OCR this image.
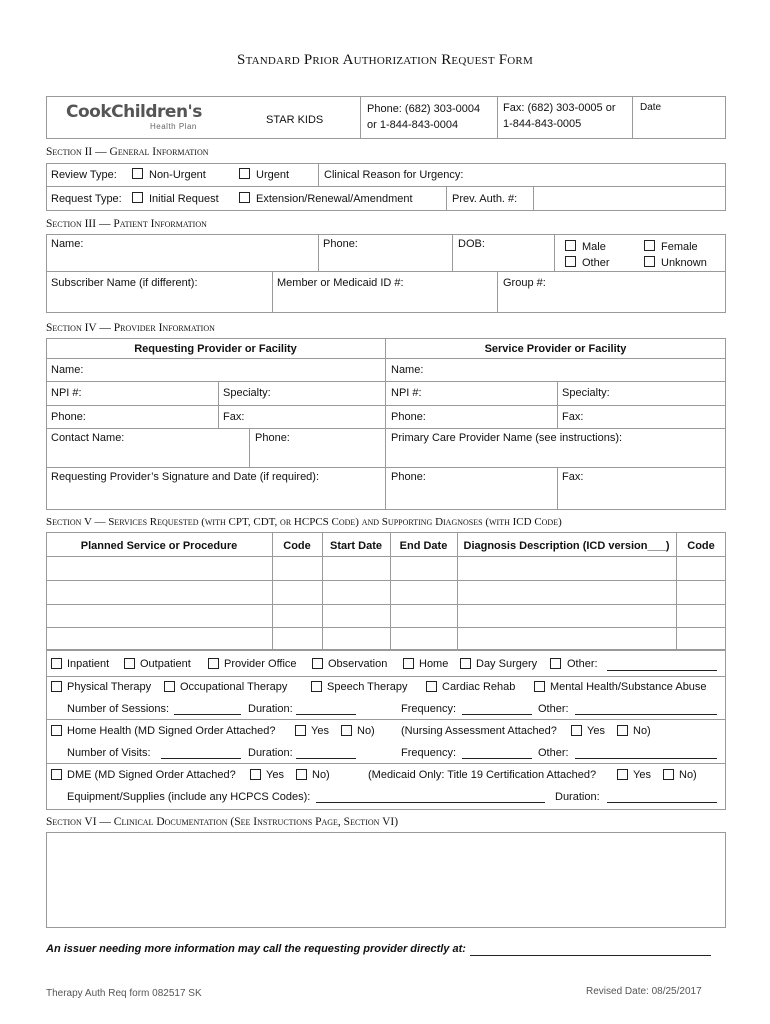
Standard Prior Authorization Request Form
CookChildren's
Health Plan
STAR KIDS
Phone: (682) 303-0004
or 1-844-843-0004
Fax: (682) 303-0005 or
1-844-843-0005
Date
Section II — General Information
Review Type:	Non-Urgent	Urgent	Clinical Reason for Urgency:
Request Type: Initial Request	Extension/Renewal/Amendment	Prev. Auth. #:
Section III — Patient Information
Name:	Phone:	DOB:	Male	Female
Other	Unknown
Subscriber Name (if different):	Member or Medicaid ID #:	Group #:
Section IV — Provider Information
Requesting Provider or Facility	Service Provider or Facility
Name:	Name:
NPI #:	Specialty:	NPI #:	Specialty:
Phone:	Fax:	Phone:	Fax:
Contact Name:	Phone:	Primary Care Provider Name (see instructions):
Requesting Provider’s Signature and Date (if required):	Phone:	Fax:
Section V — Services Requested (with CPT, CDT, or HCPCS Code) and Supporting Diagnoses (with ICD Code)
Planned Service or Procedure	Code	Start Date	End Date	Diagnosis Description (ICD version___)	Code
Inpatient	Outpatient	Provider Office	Observation	Home	Day Surgery	Other:
Physical Therapy	Occupational Therapy	Speech Therapy	Cardiac Rehab	Mental Health/Substance Abuse
Number of Sessions:	Duration:	Frequency:	Other:
Home Health (MD Signed Order Attached?	Yes	No) (Nursing Assessment Attached?	Yes	No)
Number of Visits:	Duration:	Frequency:	Other:
DME (MD Signed Order Attached?	Yes	No)	(Medicaid Only: Title 19 Certification Attached?	Yes	No)
Equipment/Supplies (include any HCPCS Codes):	Duration:
Section VI — Clinical Documentation (See Instructions Page, Section VI)
An issuer needing more information may call the requesting provider directly at:
Therapy Auth Req form 082517 SK	Revised Date: 08/25/2017
